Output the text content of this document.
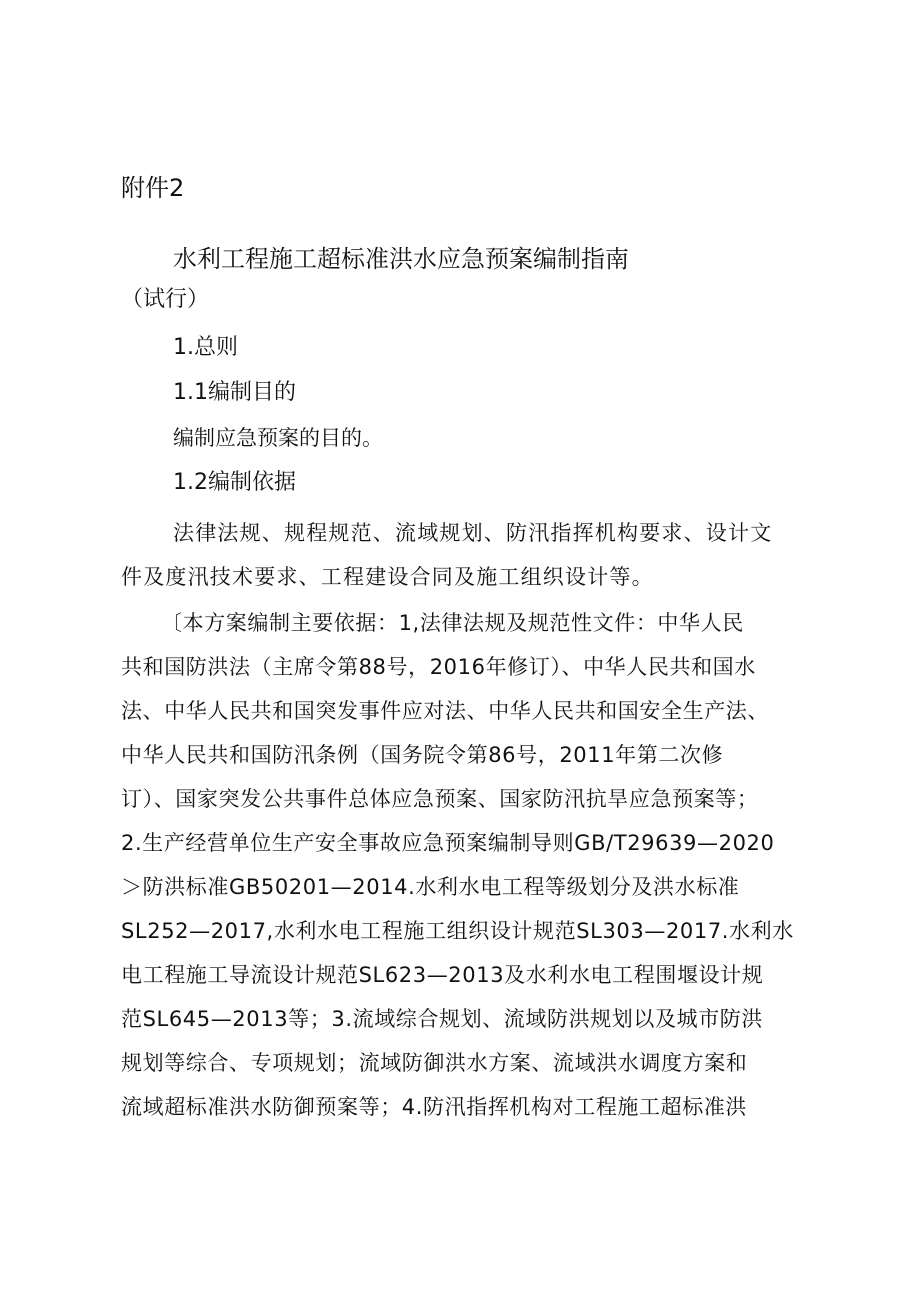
附件2
水利工程施工超标准洪水应急预案编制指南
（试行）
1.总则
1.1编制目的
编制应急预案的目的。
1.2编制依据
法律法规、规程规范、流域规划、防汛指挥机构要求、设计文
件及度汛技术要求、工程建设合同及施工组织设计等。
〔本方案编制主要依据：1,法律法规及规范性文件：中华人民
共和国防洪法（主席令第88号，2016年修订）、中华人民共和国水
法、中华人民共和国突发事件应对法、中华人民共和国安全生产法、
中华人民共和国防汛条例（国务院令第86号，2011年第二次修
订）、国家突发公共事件总体应急预案、国家防汛抗旱应急预案等；
2.生产经营单位生产安全事故应急预案编制导则GB/T29639—2020
＞防洪标准GB50201—2014.水利水电工程等级划分及洪水标准
SL252—2017,水利水电工程施工组织设计规范SL303—2017.水利水
电工程施工导流设计规范SL623—2013及水利水电工程围堰设计规
范SL645—2013等；3.流域综合规划、流域防洪规划以及城市防洪
规划等综合、专项规划；流域防御洪水方案、流域洪水调度方案和
流域超标准洪水防御预案等；4.防汛指挥机构对工程施工超标准洪
